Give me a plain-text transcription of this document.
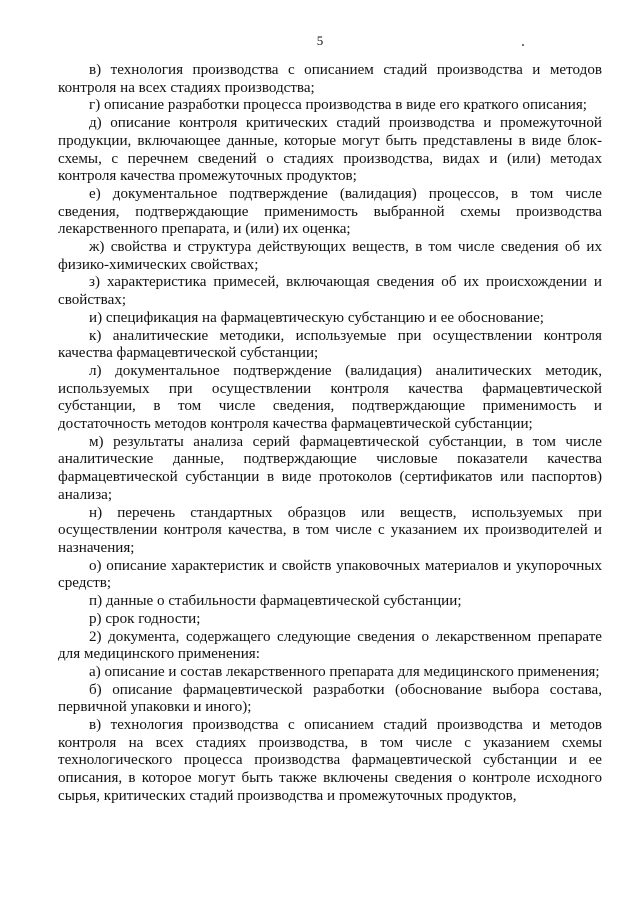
5

в) технология производства с описанием стадий производства и методов контроля на всех стадиях производства;

г) описание разработки процесса производства в виде его краткого описания;

д) описание контроля критических стадий производства и промежуточной продукции, включающее данные, которые могут быть представлены в виде блок-схемы, с перечнем сведений о стадиях производства, видах и (или) методах контроля качества промежуточных продуктов;

е) документальное подтверждение (валидация) процессов, в том числе сведения, подтверждающие применимость выбранной схемы производства лекарственного препарата, и (или) их оценка;

ж) свойства и структура действующих веществ, в том числе сведения об их физико-химических свойствах;

з) характеристика примесей, включающая сведения об их происхождении и свойствах;

и) спецификация на фармацевтическую субстанцию и ее обоснование;

к) аналитические методики, используемые при осуществлении контроля качества фармацевтической субстанции;

л) документальное подтверждение (валидация) аналитических методик, используемых при осуществлении контроля качества фармацевтической субстанции, в том числе сведения, подтверждающие применимость и достаточность методов контроля качества фармацевтической субстанции;

м) результаты анализа серий фармацевтической субстанции, в том числе аналитические данные, подтверждающие числовые показатели качества фармацевтической субстанции в виде протоколов (сертификатов или паспортов) анализа;

н) перечень стандартных образцов или веществ, используемых при осуществлении контроля качества, в том числе с указанием их производителей и назначения;

о) описание характеристик и свойств упаковочных материалов и укупорочных средств;

п) данные о стабильности фармацевтической субстанции;

р) срок годности;

2) документа, содержащего следующие сведения о лекарственном препарате для медицинского применения:

а) описание и состав лекарственного препарата для медицинского применения;

б) описание фармацевтической разработки (обоснование выбора состава, первичной упаковки и иного);

в) технология производства с описанием стадий производства и методов контроля на всех стадиях производства, в том числе с указанием схемы технологического процесса производства фармацевтической субстанции и ее описания, в которое могут быть также включены сведения о контроле исходного сырья, критических стадий производства и промежуточных продуктов,
